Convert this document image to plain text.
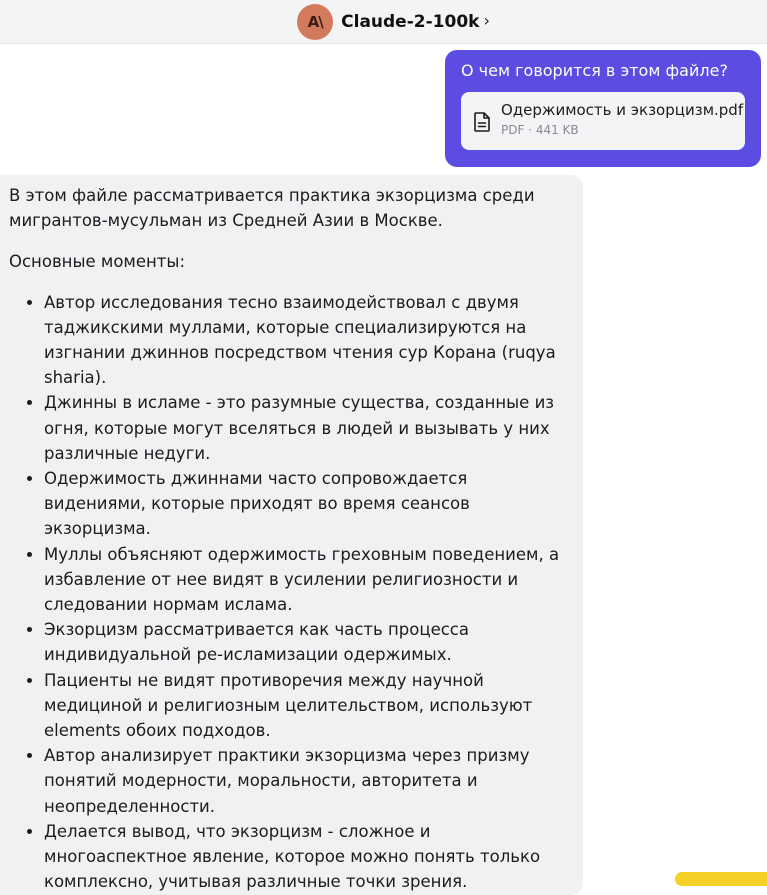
A\	Claude-2-100k ›
О чем говорится в этом файле?
Одержимость и экзорцизм.pdf
PDF · 441 KB

В этом файле рассматривается практика экзорцизма среди мигрантов-мусульман из Средней Азии в Москве.

Основные моменты:

• Автор исследования тесно взаимодействовал с двумя таджикскими муллами, которые специализируются на изгнании джиннов посредством чтения сур Корана (ruqya sharia).
• Джинны в исламе - это разумные существа, созданные из огня, которые могут вселяться в людей и вызывать у них различные недуги.
• Одержимость джиннами часто сопровождается видениями, которые приходят во время сеансов экзорцизма.
• Муллы объясняют одержимость греховным поведением, а избавление от нее видят в усилении религиозности и следовании нормам ислама.
• Экзорцизм рассматривается как часть процесса индивидуальной ре-исламизации одержимых.
• Пациенты не видят противоречия между научной медициной и религиозным целительством, используют elements обоих подходов.
• Автор анализирует практики экзорцизма через призму понятий модерности, моральности, авторитета и неопределенности.
• Делается вывод, что экзорцизм - сложное и многоаспектное явление, которое можно понять только комплексно, учитывая различные точки зрения.
